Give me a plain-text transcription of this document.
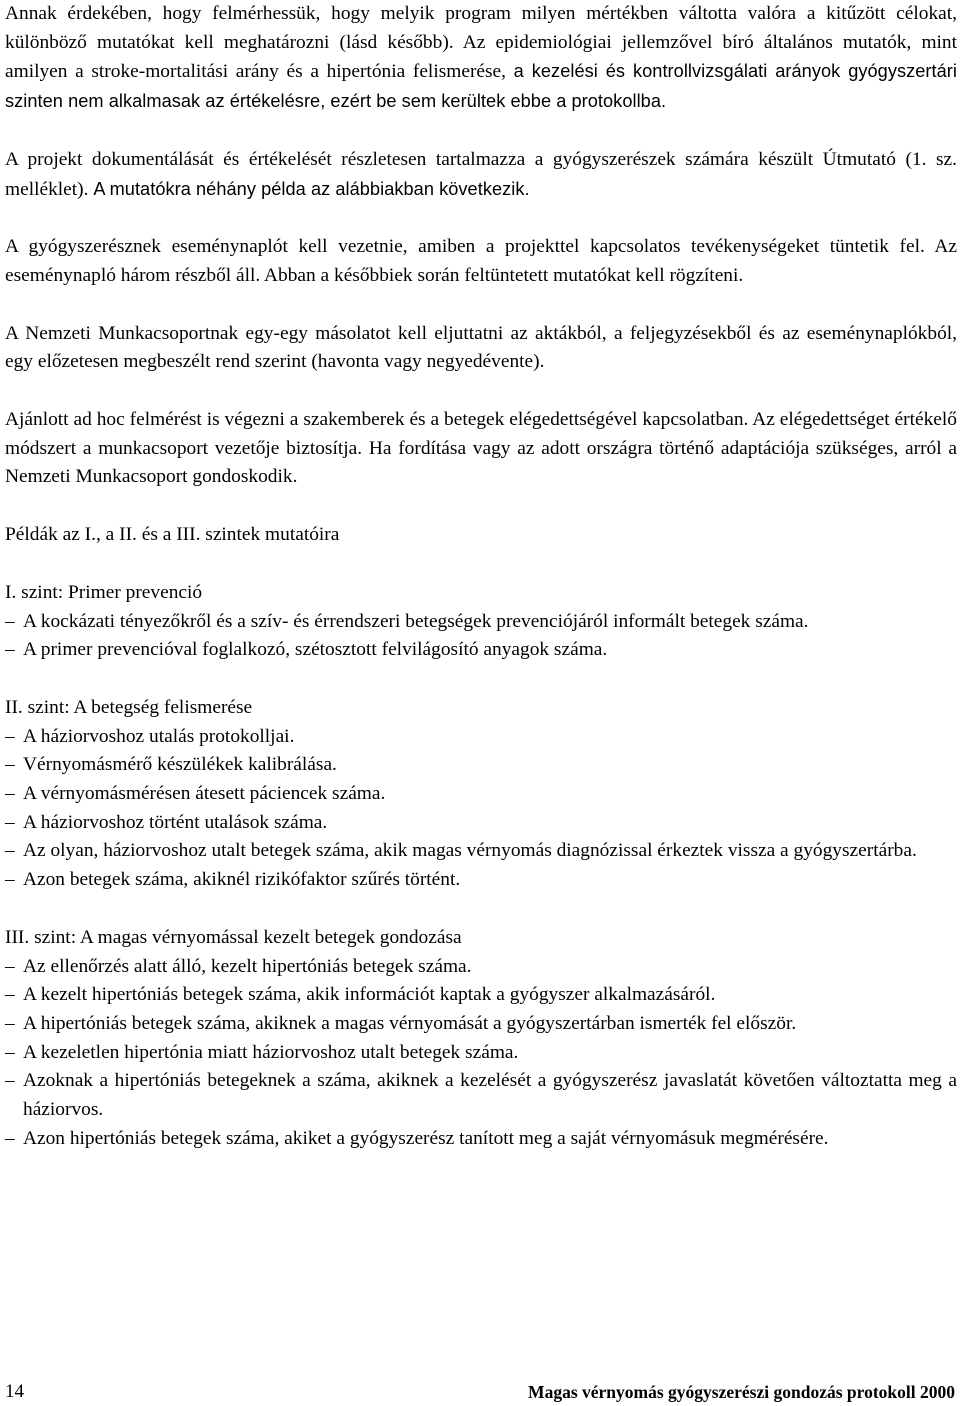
Annak érdekében, hogy felmérhessük, hogy melyik program milyen mértékben váltotta valóra a kitűzött célokat, különböző mutatókat kell meghatározni (lásd később). Az epidemiológiai jellemzővel bíró általános mutatók, mint amilyen a stroke-mortalitási arány és a hipertónia felismerése, a kezelési és kontrollvizsgálati arányok gyógyszertári szinten nem alkalmasak az értékelésre, ezért be sem kerültek ebbe a protokollba.

A projekt dokumentálását és értékelését részletesen tartalmazza a gyógyszerészek számára készült Útmutató (1. sz. melléklet). A mutatókra néhány példa az alábbiakban következik.

A gyógyszerésznek eseménynaplót kell vezetnie, amiben a projekttel kapcsolatos tevékenységeket tüntetik fel. Az eseménynapló három részből áll. Abban a későbbiek során feltüntetett mutatókat kell rögzíteni.

A Nemzeti Munkacsoportnak egy-egy másolatot kell eljuttatni az aktákból, a feljegyzésekből és az eseménynaplókból, egy előzetesen megbeszélt rend szerint (havonta vagy negyedévente).

Ajánlott ad hoc felmérést is végezni a szakemberek és a betegek elégedettségével kapcsolatban. Az elégedettséget értékelő módszert a munkacsoport vezetője biztosítja. Ha fordítása vagy az adott országra történő adaptációja szükséges, arról a Nemzeti Munkacsoport gondoskodik.

Példák az I., a II. és a III. szintek mutatóira

I. szint: Primer prevenció

– A kockázati tényezőkről és a szív- és érrendszeri betegségek prevenciójáról informált betegek száma.

– A primer prevencióval foglalkozó, szétosztott felvilágosító anyagok száma.

II. szint: A betegség felismerése

– A háziorvoshoz utalás protokolljai.

– Vérnyomásmérő készülékek kalibrálása.

– A vérnyomásmérésen átesett páciencek száma.

– A háziorvoshoz történt utalások száma.

– Az olyan, háziorvoshoz utalt betegek száma, akik magas vérnyomás diagnózissal érkeztek vissza a gyógyszertárba.

– Azon betegek száma, akiknél rizikófaktor szűrés történt.

III. szint: A magas vérnyomással kezelt betegek gondozása

– Az ellenőrzés alatt álló, kezelt hipertóniás betegek száma.

– A kezelt hipertóniás betegek száma, akik információt kaptak a gyógyszer alkalmazásáról.

– A hipertóniás betegek száma, akiknek a magas vérnyomását a gyógyszertárban ismerték fel először.

– A kezeletlen hipertónia miatt háziorvoshoz utalt betegek száma.

– Azoknak a hipertóniás betegeknek a száma, akiknek a kezelését a gyógyszerész javaslatát követően változtatta meg a háziorvos.

– Azon hipertóniás betegek száma, akiket a gyógyszerész tanított meg a saját vérnyomásuk megmérésére.

14	Magas vérnyomás gyógyszerészi gondozás protokoll 2000
